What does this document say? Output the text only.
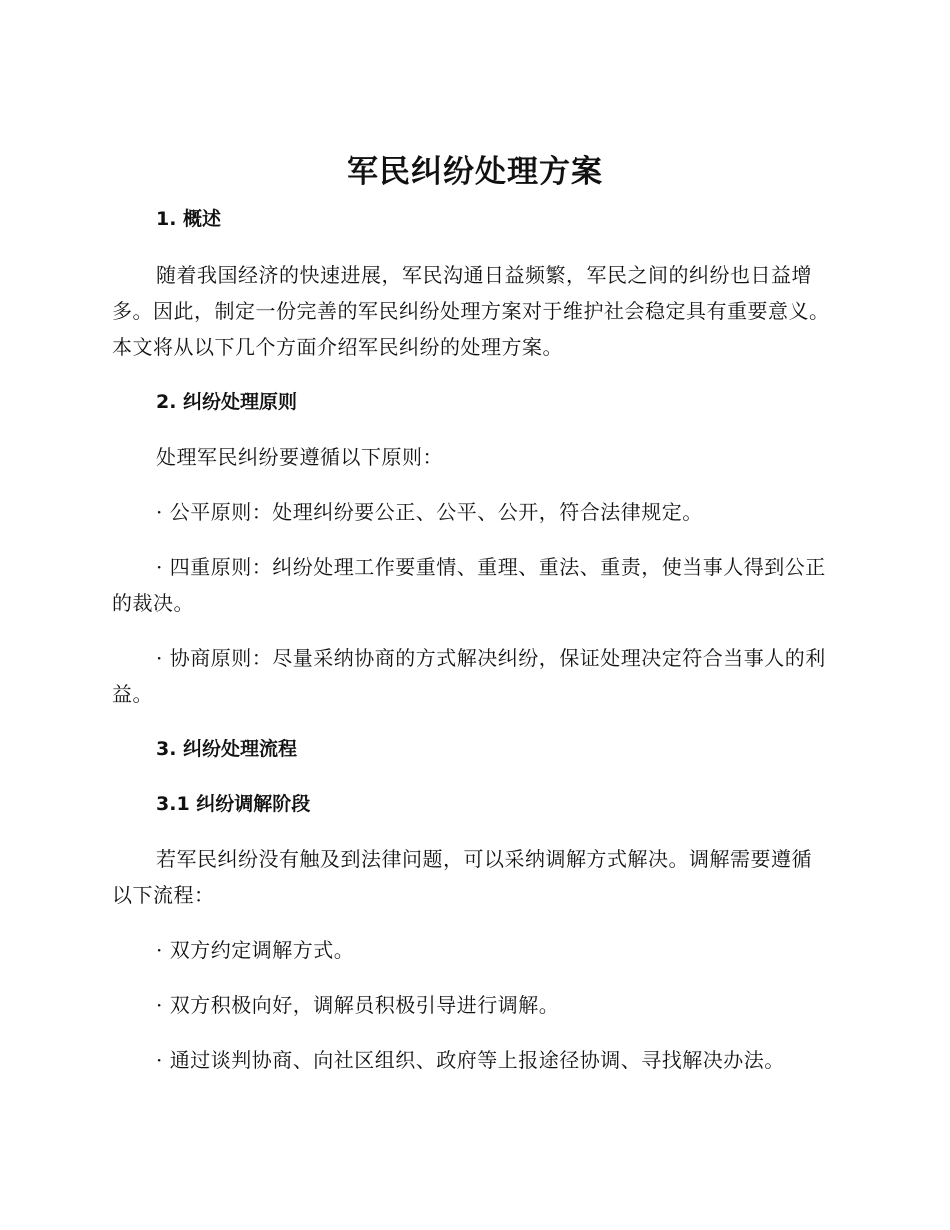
军民纠纷处理方案
1. 概述

随着我国经济的快速进展，军民沟通日益频繁，军民之间的纠纷也日益增多。因此，制定一份完善的军民纠纷处理方案对于维护社会稳定具有重要意义。本文将从以下几个方面介绍军民纠纷的处理方案。

2. 纠纷处理原则

处理军民纠纷要遵循以下原则：

· 公平原则：处理纠纷要公正、公平、公开，符合法律规定。

· 四重原则：纠纷处理工作要重情、重理、重法、重责，使当事人得到公正的裁决。

· 协商原则：尽量采纳协商的方式解决纠纷，保证处理决定符合当事人的利益。

3. 纠纷处理流程
3.1 纠纷调解阶段

若军民纠纷没有触及到法律问题，可以采纳调解方式解决。调解需要遵循以下流程：

· 双方约定调解方式。

· 双方积极向好，调解员积极引导进行调解。

· 通过谈判协商、向社区组织、政府等上报途径协调、寻找解决办法。
